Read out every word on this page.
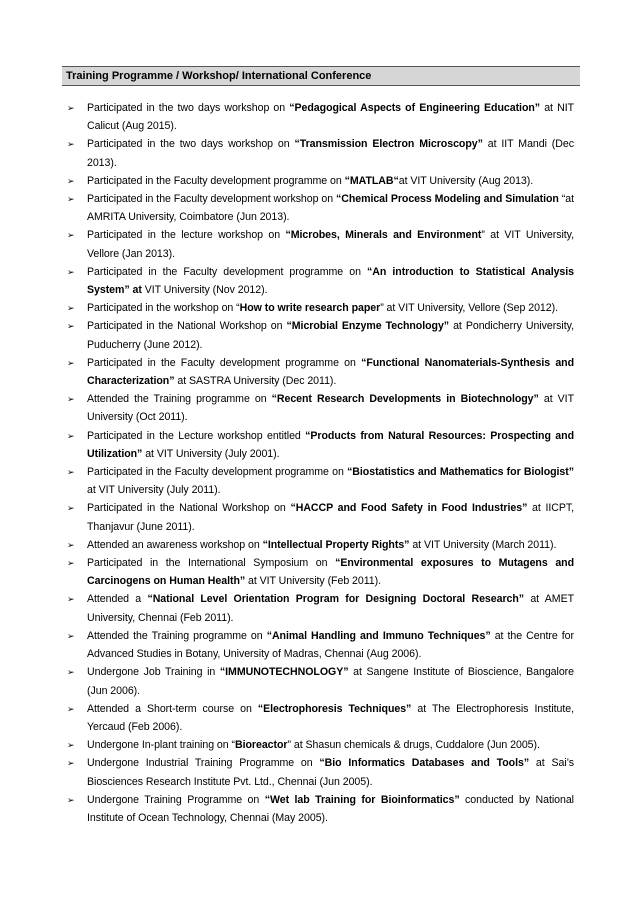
Training Programme / Workshop/ International Conference
➢	Participated in the two days workshop on “Pedagogical Aspects of Engineering Education” at NIT Calicut (Aug 2015).
➢	Participated in the two days workshop on “Transmission Electron Microscopy” at IIT Mandi (Dec 2013).
➢	Participated in the Faculty development programme on “MATLAB“at VIT University (Aug 2013).
➢	Participated in the Faculty development workshop on “Chemical Process Modeling and Simulation “at AMRITA University, Coimbatore (Jun 2013).
➢	Participated in the lecture workshop on “Microbes, Minerals and Environment” at VIT University, Vellore (Jan 2013).
➢	Participated in the Faculty development programme on “An introduction to Statistical Analysis System” at VIT University (Nov 2012).
➢	Participated in the workshop on “How to write research paper” at VIT University, Vellore (Sep 2012).
➢	Participated in the National Workshop on “Microbial Enzyme Technology” at Pondicherry University, Puducherry (June 2012).
➢	Participated in the Faculty development programme on “Functional Nanomaterials-Synthesis and Characterization” at SASTRA University (Dec 2011).
➢	Attended the Training programme on “Recent Research Developments in Biotechnology” at VIT University (Oct 2011).
➢	Participated in the Lecture workshop entitled “Products from Natural Resources: Prospecting and Utilization” at VIT University (July 2001).
➢	Participated in the Faculty development programme on “Biostatistics and Mathematics for Biologist” at VIT University (July 2011).
➢	Participated in the National Workshop on “HACCP and Food Safety in Food Industries” at IICPT, Thanjavur (June 2011).
➢	Attended an awareness workshop on “Intellectual Property Rights” at VIT University (March 2011).
➢	Participated in the International Symposium on “Environmental exposures to Mutagens and Carcinogens on Human Health” at VIT University (Feb 2011).
➢	Attended a “National Level Orientation Program for Designing Doctoral Research” at AMET University, Chennai (Feb 2011).
➢	Attended the Training programme on “Animal Handling and Immuno Techniques” at the Centre for Advanced Studies in Botany, University of Madras, Chennai (Aug 2006).
➢	Undergone Job Training in “IMMUNOTECHNOLOGY” at Sangene Institute of Bioscience, Bangalore (Jun 2006).
➢	Attended a Short-term course on “Electrophoresis Techniques” at The Electrophoresis Institute, Yercaud (Feb 2006).
➢	Undergone In-plant training on “Bioreactor” at Shasun chemicals & drugs, Cuddalore (Jun 2005).
➢	Undergone Industrial Training Programme on “Bio Informatics Databases and Tools” at Sai’s Biosciences Research Institute Pvt. Ltd., Chennai (Jun 2005).
➢	Undergone Training Programme on “Wet lab Training for Bioinformatics” conducted by National Institute of Ocean Technology, Chennai (May 2005).
